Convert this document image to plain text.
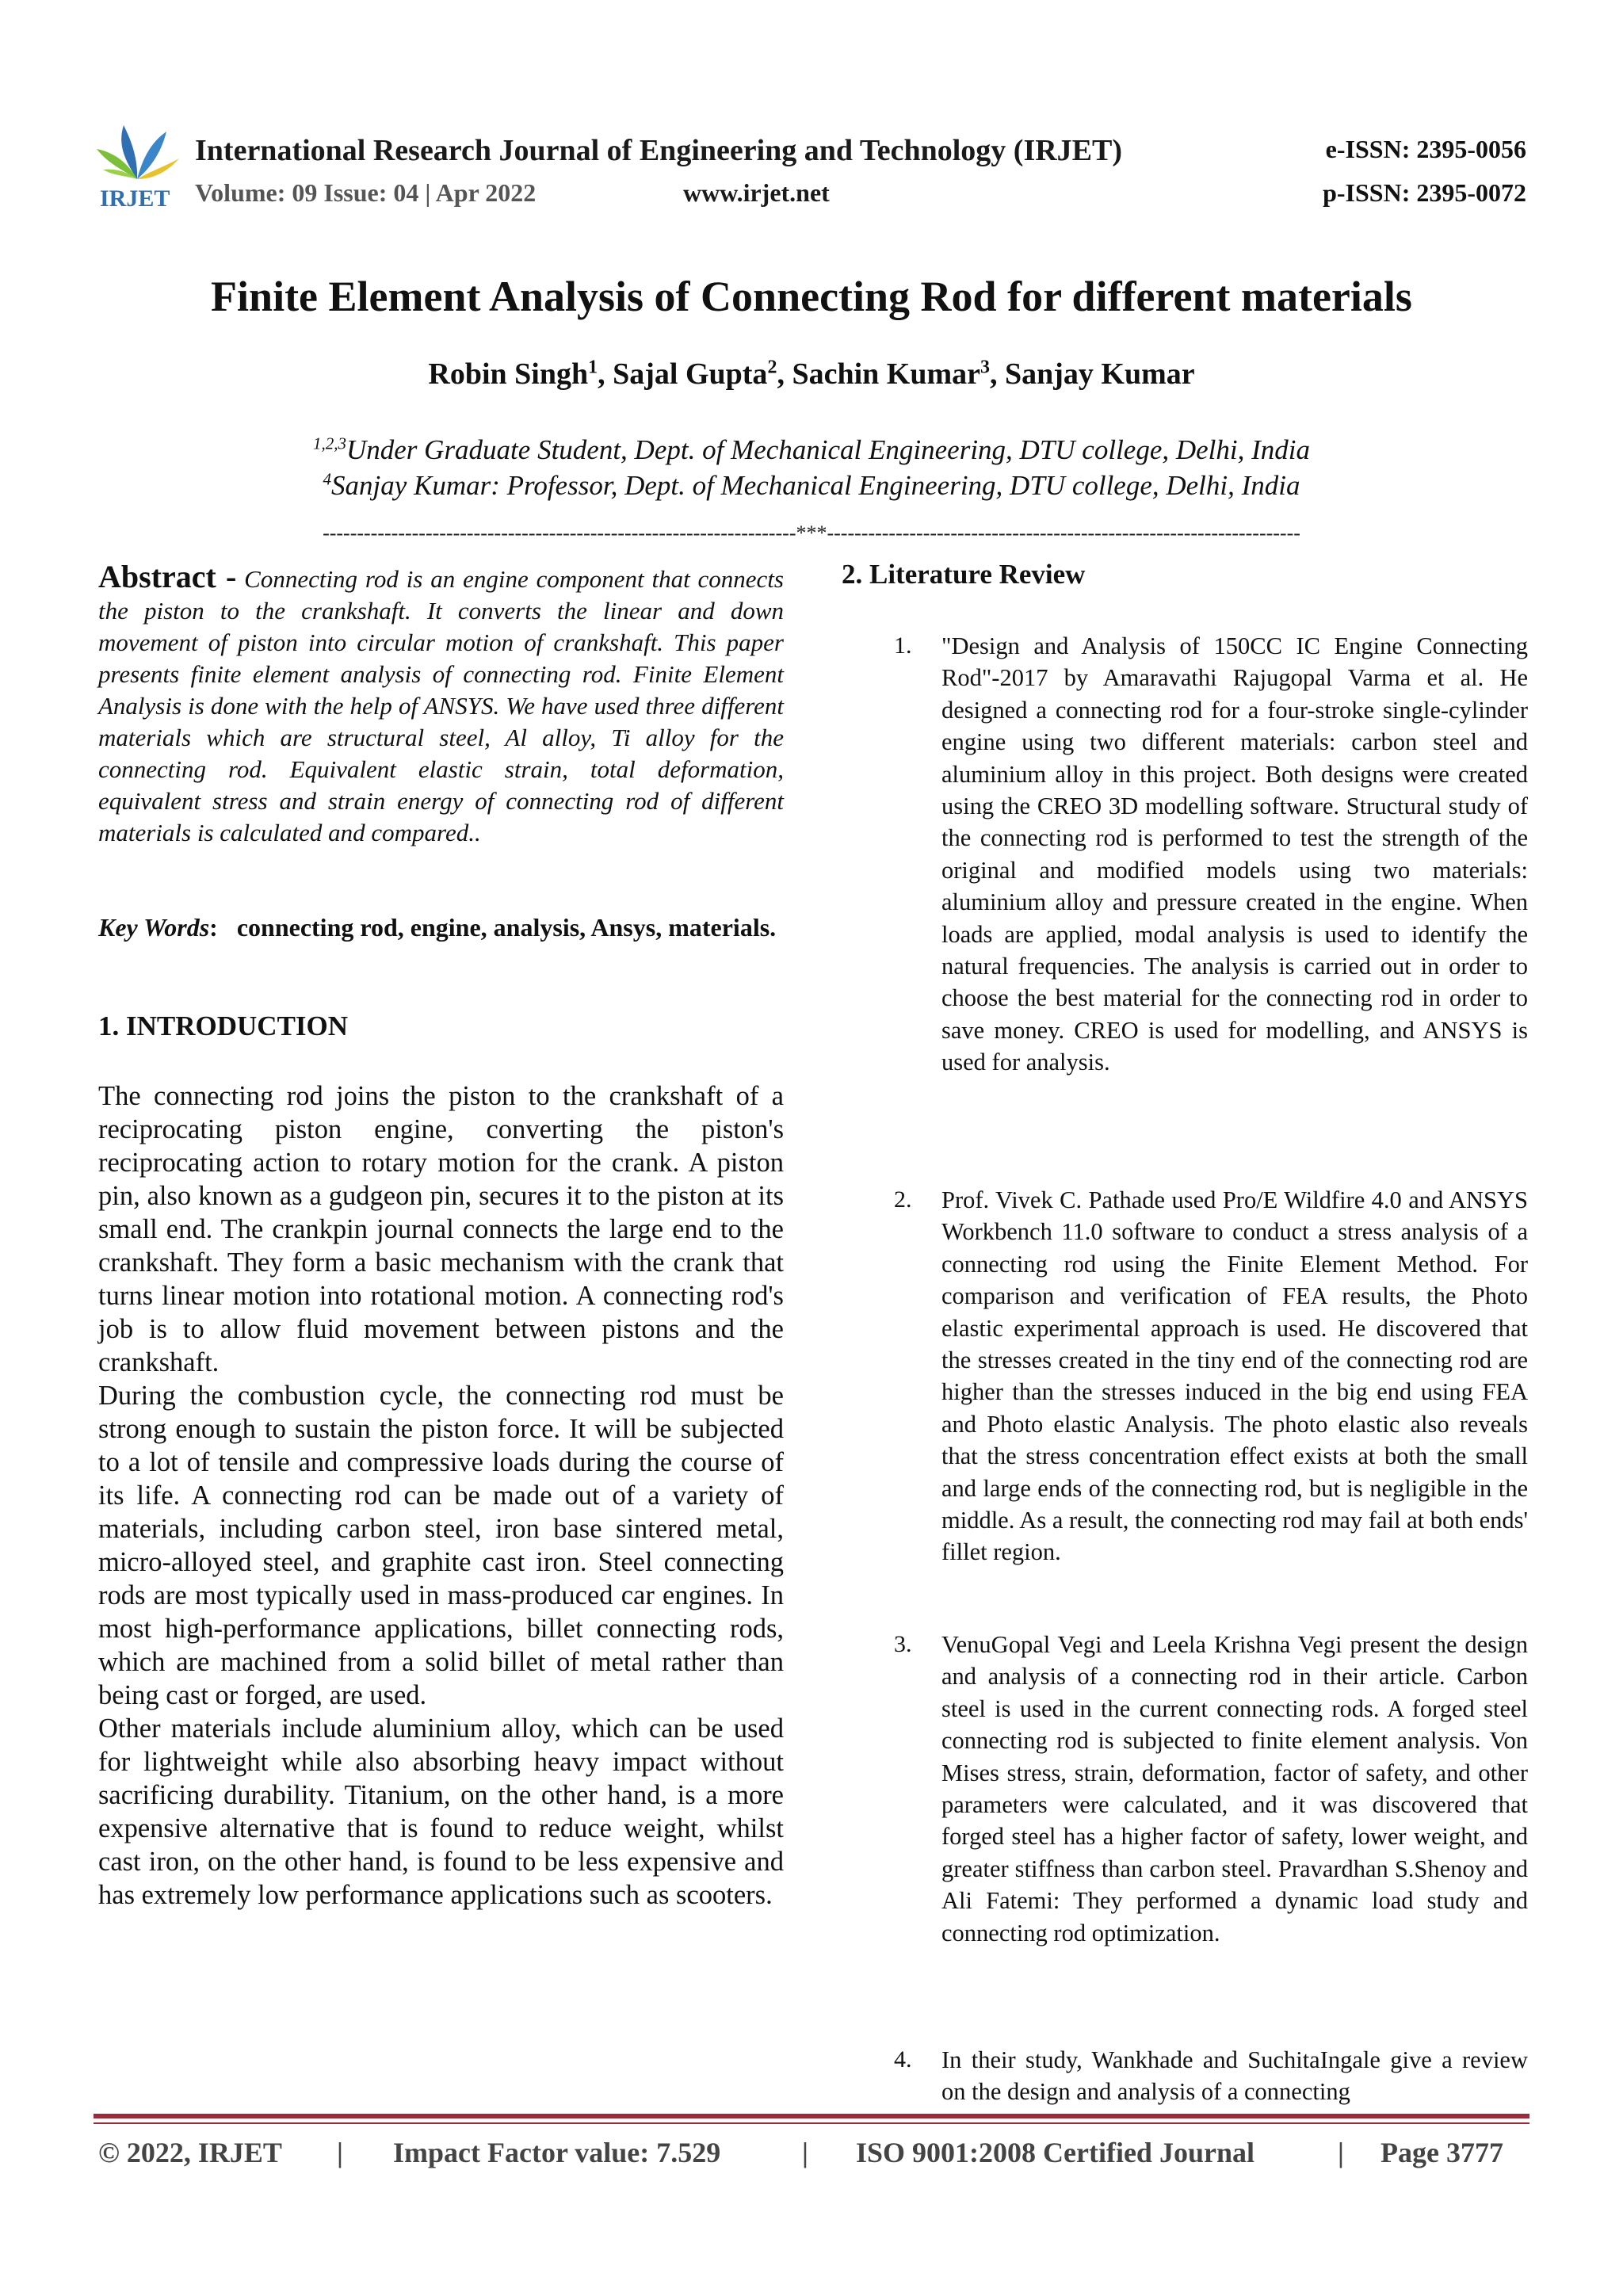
IRJET
International Research Journal of Engineering and Technology (IRJET)
Volume: 09 Issue: 04 | Apr 2022	www.irjet.net
e-ISSN: 2395-0056
p-ISSN: 2395-0072
Finite Element Analysis of Connecting Rod for different materials
Robin Singh$^1$, Sajal Gupta$^2$, Sachin Kumar$^3$, Sanjay Kumar
$^{1,2,3}$Under Graduate Student, Dept. of Mechanical Engineering, DTU college, Delhi, India
$^4$Sanjay Kumar: Professor, Dept. of Mechanical Engineering, DTU college, Delhi, India
---------------------------------------------------------------------***---------------------------------------------------------------------
Abstract - Connecting rod is an engine component that connects the piston to the crankshaft. It converts the linear and down movement of piston into circular motion of crankshaft. This paper presents finite element analysis of connecting rod. Finite Element Analysis is done with the help of ANSYS. We have used three different materials which are structural steel, Al alloy, Ti alloy for the connecting rod. Equivalent elastic strain, total deformation, equivalent stress and strain energy of connecting rod of different materials is calculated and compared..
Key Words: connecting rod, engine, analysis, Ansys, materials.
1. INTRODUCTION

The connecting rod joins the piston to the crankshaft of a reciprocating piston engine, converting the piston's reciprocating action to rotary motion for the crank. A piston pin, also known as a gudgeon pin, secures it to the piston at its small end. The crankpin journal connects the large end to the crankshaft. They form a basic mechanism with the crank that turns linear motion into rotational motion. A connecting rod's job is to allow fluid movement between pistons and the crankshaft.

During the combustion cycle, the connecting rod must be strong enough to sustain the piston force. It will be subjected to a lot of tensile and compressive loads during the course of its life. A connecting rod can be made out of a variety of materials, including carbon steel, iron base sintered metal, micro-alloyed steel, and graphite cast iron. Steel connecting rods are most typically used in mass-produced car engines. In most high-performance applications, billet connecting rods, which are machined from a solid billet of metal rather than being cast or forged, are used.

Other materials include aluminium alloy, which can be used for lightweight while also absorbing heavy impact without sacrificing durability. Titanium, on the other hand, is a more expensive alternative that is found to reduce weight, whilst cast iron, on the other hand, is found to be less expensive and has extremely low performance applications such as scooters.

2. Literature Review
1. "Design and Analysis of 150CC IC Engine Connecting Rod"-2017 by Amaravathi Rajugopal Varma et al. He designed a connecting rod for a four-stroke single-cylinder engine using two different materials: carbon steel and aluminium alloy in this project. Both designs were created using the CREO 3D modelling software. Structural study of the connecting rod is performed to test the strength of the original and modified models using two materials: aluminium alloy and pressure created in the engine. When loads are applied, modal analysis is used to identify the natural frequencies. The analysis is carried out in order to choose the best material for the connecting rod in order to save money. CREO is used for modelling, and ANSYS is used for analysis.
2. Prof. Vivek C. Pathade used Pro/E Wildfire 4.0 and ANSYS Workbench 11.0 software to conduct a stress analysis of a connecting rod using the Finite Element Method. For comparison and verification of FEA results, the Photo elastic experimental approach is used. He discovered that the stresses created in the tiny end of the connecting rod are higher than the stresses induced in the big end using FEA and Photo elastic Analysis. The photo elastic also reveals that the stress concentration effect exists at both the small and large ends of the connecting rod, but is negligible in the middle. As a result, the connecting rod may fail at both ends' fillet region.
3. VenuGopal Vegi and Leela Krishna Vegi present the design and analysis of a connecting rod in their article. Carbon steel is used in the current connecting rods. A forged steel connecting rod is subjected to finite element analysis. Von Mises stress, strain, deformation, factor of safety, and other parameters were calculated, and it was discovered that forged steel has a higher factor of safety, lower weight, and greater stiffness than carbon steel. Pravardhan S.Shenoy and Ali Fatemi: They performed a dynamic load study and connecting rod optimization.
4. In their study, Wankhade and SuchitaIngale give a review on the design and analysis of a connecting
© 2022, IRJET | Impact Factor value: 7.529	| ISO 9001:2008 Certified Journal	| Page 3777
